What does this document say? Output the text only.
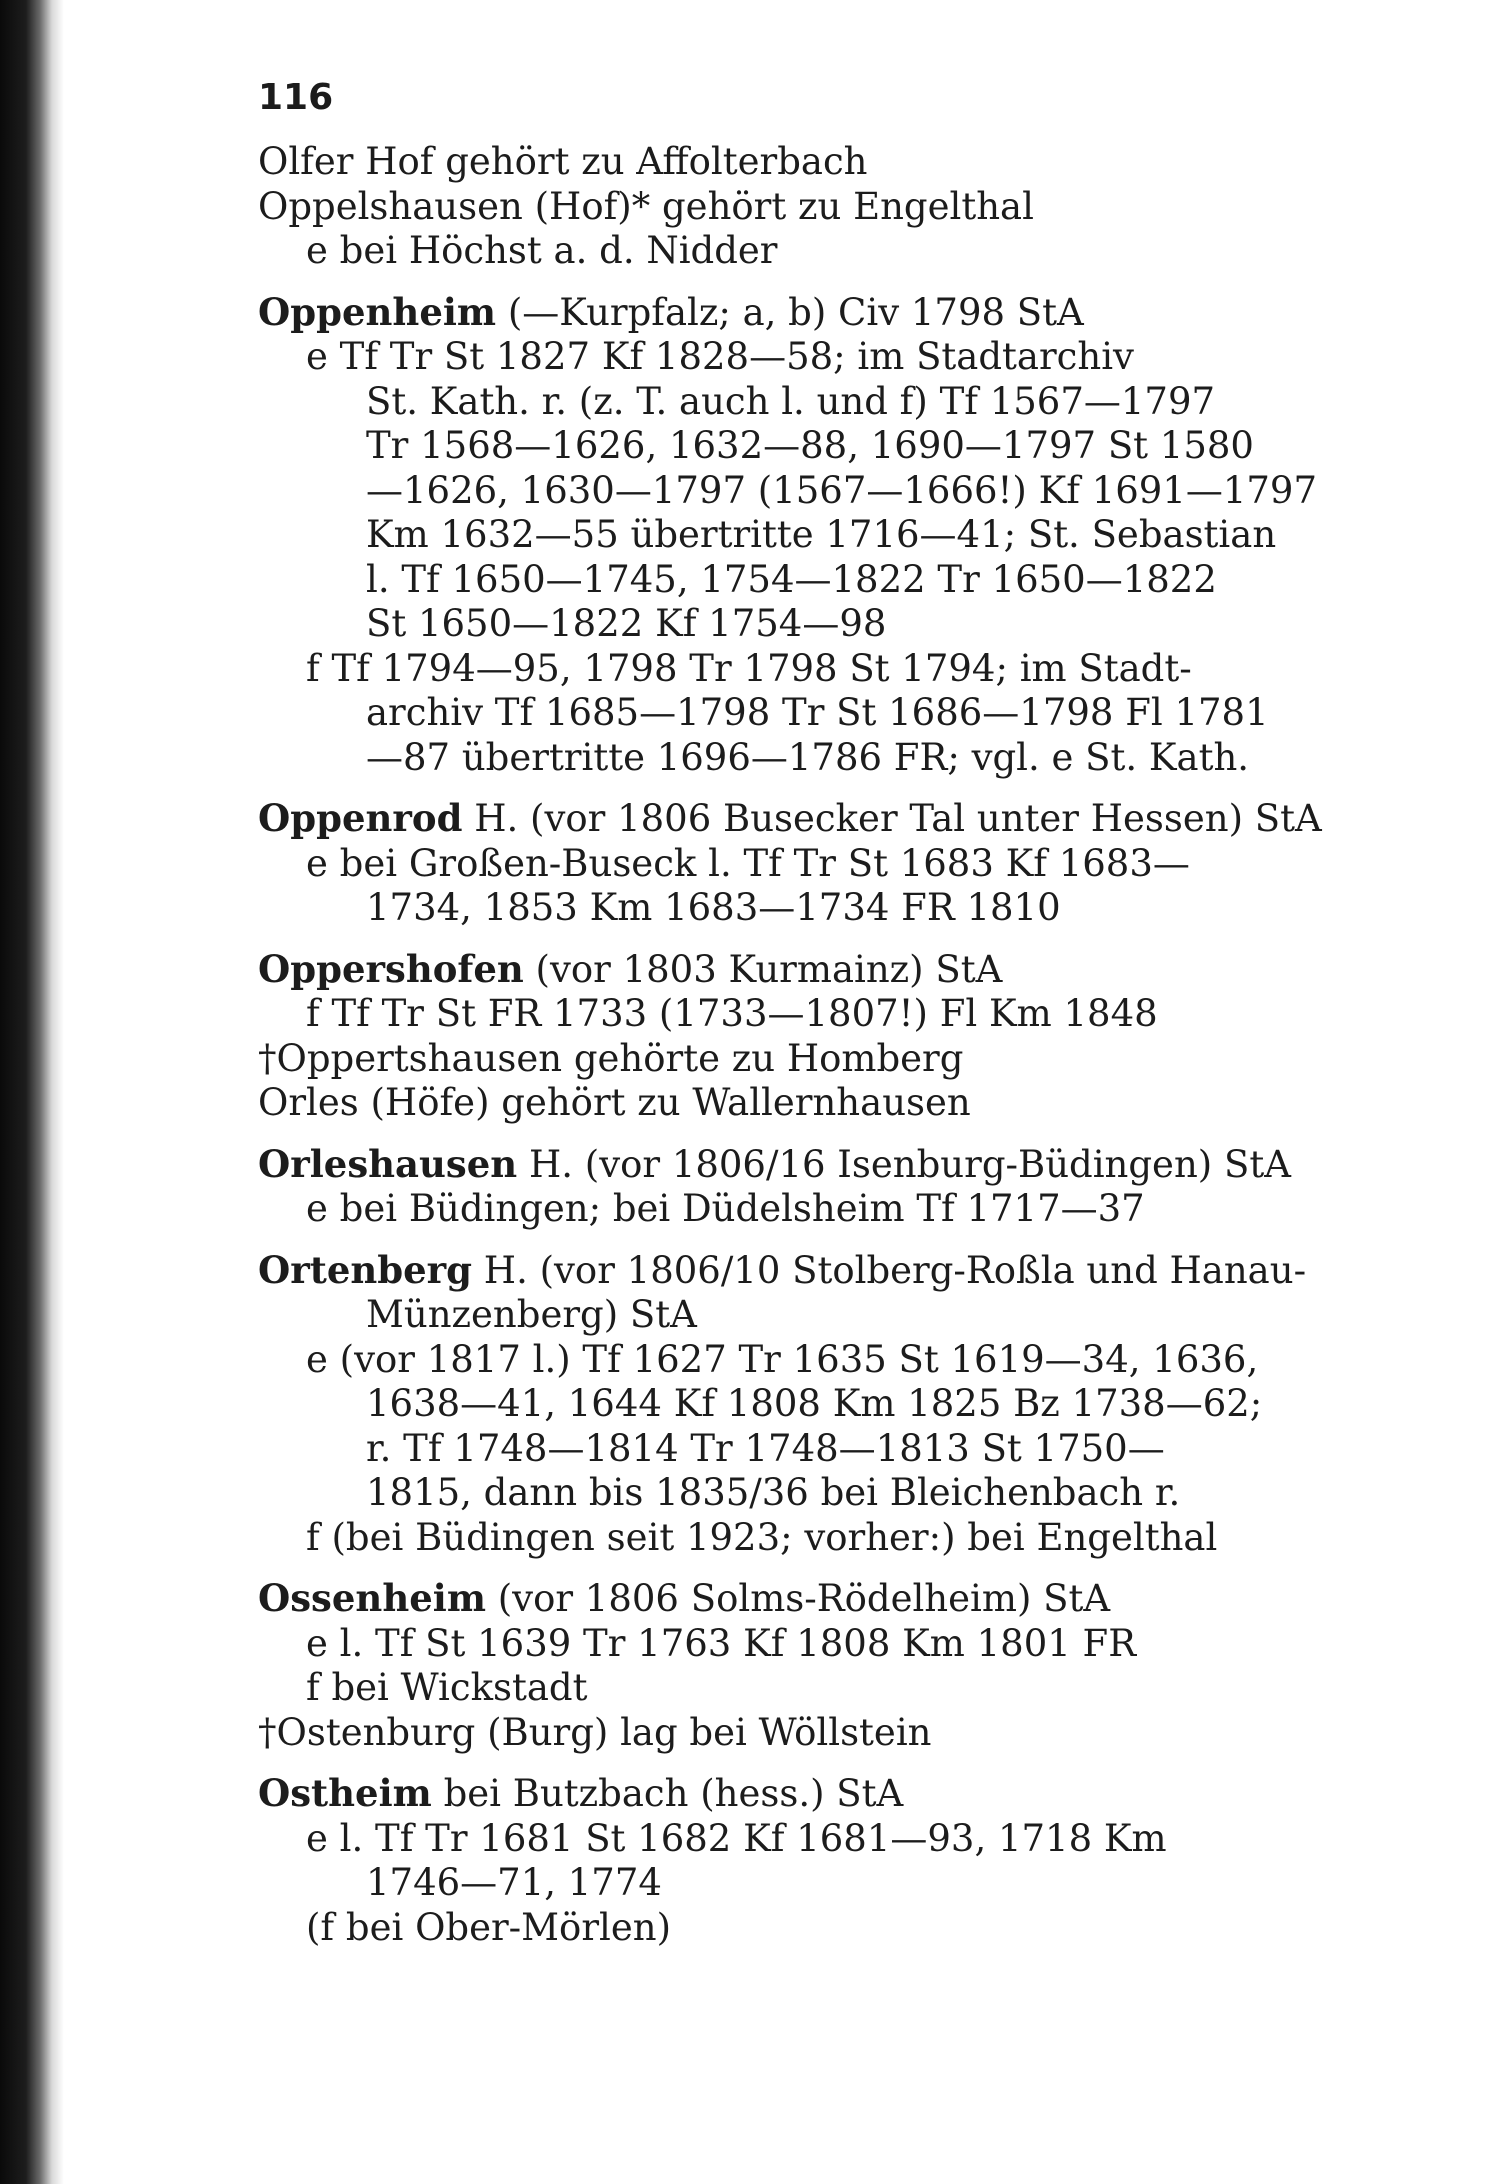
116
Olfer Hof gehört zu Affolterbach
Oppelshausen (Hof)* gehört zu Engelthal
e bei Höchst a. d. Nidder
Oppenheim (—Kurpfalz; a, b) Civ 1798 StA
e Tf Tr St 1827 Kf 1828—58; im Stadtarchiv
St. Kath. r. (z. T. auch l. und f) Tf 1567—1797
Tr 1568—1626, 1632—88, 1690—1797 St 1580
—1626, 1630—1797 (1567—1666!) Kf 1691—1797
Km 1632—55 übertritte 1716—41; St. Sebastian
l. Tf 1650—1745, 1754—1822 Tr 1650—1822
St 1650—1822 Kf 1754—98
f Tf 1794—95, 1798 Tr 1798 St 1794; im Stadt-
archiv Tf 1685—1798 Tr St 1686—1798 Fl 1781
—87 übertritte 1696—1786 FR; vgl. e St. Kath.
Oppenrod H. (vor 1806 Busecker Tal unter Hessen) StA
e bei Großen-Buseck l. Tf Tr St 1683 Kf 1683—
1734, 1853 Km 1683—1734 FR 1810
Oppershofen (vor 1803 Kurmainz) StA
f Tf Tr St FR 1733 (1733—1807!) Fl Km 1848
†Oppertshausen gehörte zu Homberg
Orles (Höfe) gehört zu Wallernhausen
Orleshausen H. (vor 1806/16 Isenburg-Büdingen) StA
e bei Büdingen; bei Düdelsheim Tf 1717—37
Ortenberg H. (vor 1806/10 Stolberg-Roßla und Hanau-
Münzenberg) StA
e (vor 1817 l.) Tf 1627 Tr 1635 St 1619—34, 1636,
1638—41, 1644 Kf 1808 Km 1825 Bz 1738—62;
r. Tf 1748—1814 Tr 1748—1813 St 1750—
1815, dann bis 1835/36 bei Bleichenbach r.
f (bei Büdingen seit 1923; vorher:) bei Engelthal
Ossenheim (vor 1806 Solms-Rödelheim) StA
e l. Tf St 1639 Tr 1763 Kf 1808 Km 1801 FR
f bei Wickstadt
†Ostenburg (Burg) lag bei Wöllstein
Ostheim bei Butzbach (hess.) StA
e l. Tf Tr 1681 St 1682 Kf 1681—93, 1718 Km
1746—71, 1774
(f bei Ober-Mörlen)
